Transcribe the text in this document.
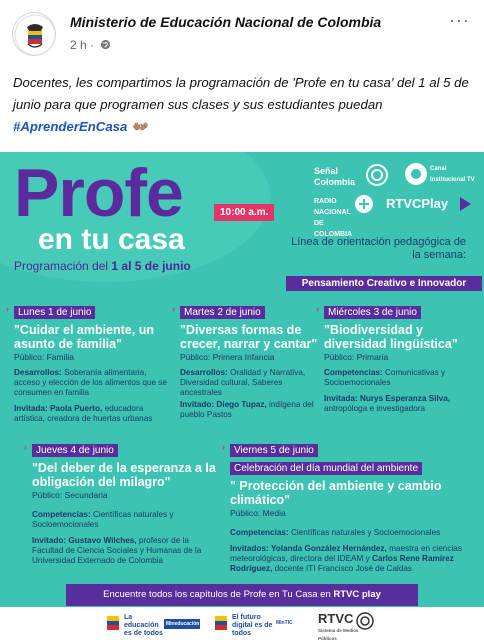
Ministerio de Educación Nacional de Colombia
2 h ·
···
Docentes, les compartimos la programación de 'Profe en tu casa' del 1 al 5 de junio para que programen sus clases y sus estudiantes puedan
#AprenderEnCasa 👐🏽
Profe	10:00 a.m.
en tu casa
Programación del 1 al 5 de junio
Señal Colombia
Canal Institucional TV
RADIO NACIONAL DE COLOMBIA
RTVCPlay
Línea de orientación pedagógica de la semana:
Pensamiento Creativo e Innovador
› Lunes 1 de junio
"Cuidar el ambiente, un asunto de familia"
Público: Familia
Desarrollos: Soberanía alimentaria, acceso y elección de los alimentos que se consumen en familia
Invitada: Paola Puerto, educadora artística, creadora de huertas urbanas
› Martes 2 de junio
"Diversas formas de crecer, narrar y cantar"
Público: Primera Infancia
Desarrollos: Oralidad y Narrativa, Diversidad cultural, Saberes ancestrales
Invitado: Diego Tupaz, indígena del pueblo Pastos
› Miércoles 3 de junio
"Biodiversidad y diversidad lingüística"
Público: Primaria
Competencias: Comunicativas y Socioemocionales
Invitada: Nurys Esperanza Silva, antropóloga e investigadora
› Jueves 4 de junio
"Del deber de la esperanza a la obligación del milagro"
Público: Secundaria
Competencias: Científicas naturales y Socioemocionales
Invitado: Gustavo Wilches, profesor de la Facultad de Ciencia Sociales y Humanas de la Universidad Externado de Colombia
› Viernes 5 de junio
Celebración del día mundial del ambiente
" Protección del ambiente y cambio climático"
Público: Media
Competencias: Científicas naturales y Socioemocionales
Invitados: Yolanda González Hernández, maestra en ciencias meteorológicas, directora del IDEAM y Carlos Rene Ramírez Rodríguez, docente ITI Francisco José de Caldas
Encuentre todos los capítulos de Profe en Tu Casa en RTVC play
La educación es de todos
Mineducación
El futuro digital es de todos
MinTIC	RTVC
Sistema de Medios Públicos
